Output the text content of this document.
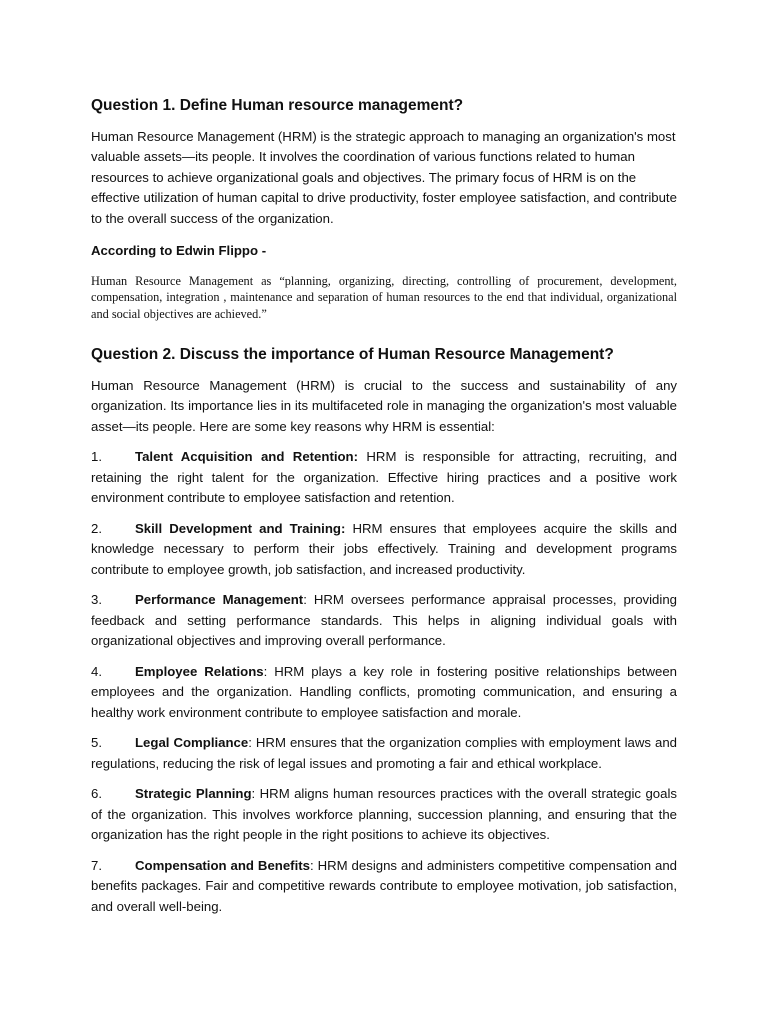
Question 1. Define Human resource management?

Human Resource Management (HRM) is the strategic approach to managing an organization's most valuable assets—its people. It involves the coordination of various functions related to human resources to achieve organizational goals and objectives. The primary focus of HRM is on the effective utilization of human capital to drive productivity, foster employee satisfaction, and contribute to the overall success of the organization.

According to Edwin Flippo -

Human Resource Management as “planning, organizing, directing, controlling of procurement, development, compensation, integration , maintenance and separation of human resources to the end that individual, organizational and social objectives are achieved.”

Question 2. Discuss the importance of Human Resource Management?

Human Resource Management (HRM) is crucial to the success and sustainability of any organization. Its importance lies in its multifaceted role in managing the organization's most valuable asset—its people. Here are some key reasons why HRM is essential:

1.	Talent Acquisition and Retention: HRM is responsible for attracting, recruiting, and retaining the right talent for the organization. Effective hiring practices and a positive work environment contribute to employee satisfaction and retention.

2.	Skill Development and Training: HRM ensures that employees acquire the skills and knowledge necessary to perform their jobs effectively. Training and development programs contribute to employee growth, job satisfaction, and increased productivity.

3.	Performance Management: HRM oversees performance appraisal processes, providing feedback and setting performance standards. This helps in aligning individual goals with organizational objectives and improving overall performance.

4.	Employee Relations: HRM plays a key role in fostering positive relationships between employees and the organization. Handling conflicts, promoting communication, and ensuring a healthy work environment contribute to employee satisfaction and morale.

5.	Legal Compliance: HRM ensures that the organization complies with employment laws and regulations, reducing the risk of legal issues and promoting a fair and ethical workplace.

6.	Strategic Planning: HRM aligns human resources practices with the overall strategic goals of the organization. This involves workforce planning, succession planning, and ensuring that the organization has the right people in the right positions to achieve its objectives.

7.	Compensation and Benefits: HRM designs and administers competitive compensation and benefits packages. Fair and competitive rewards contribute to employee motivation, job satisfaction, and overall well-being.
